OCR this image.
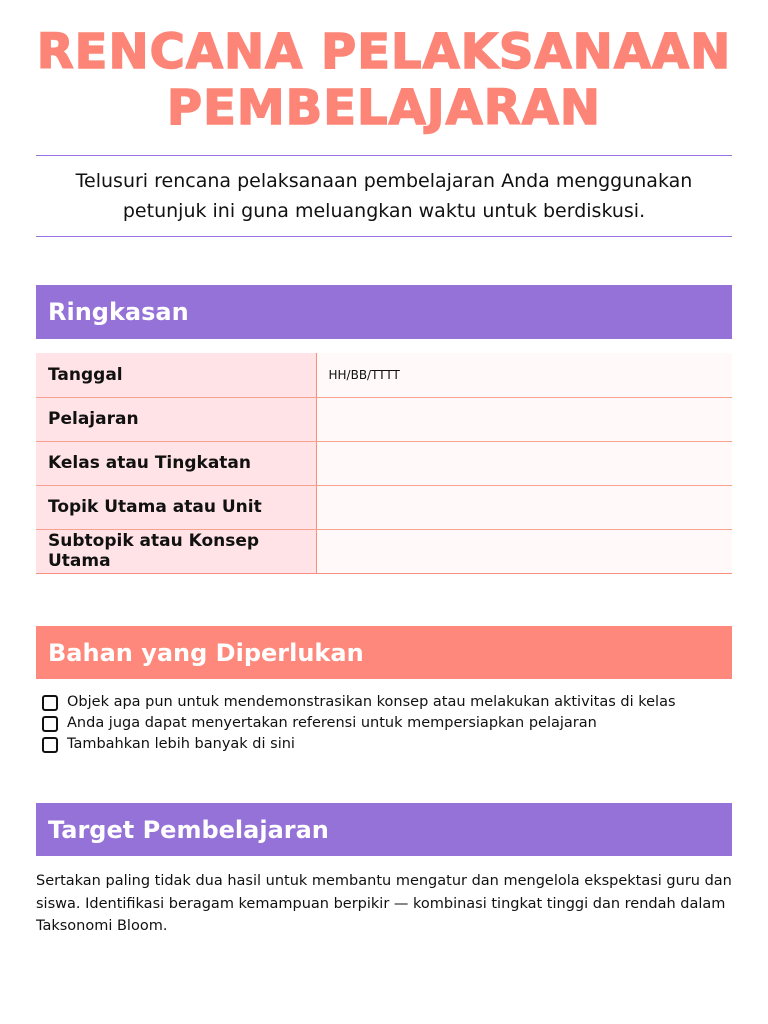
RENCANA PELAKSANAAN
PEMBELAJARAN
Telusuri rencana pelaksanaan pembelajaran Anda menggunakan petunjuk ini guna meluangkan waktu untuk berdiskusi.
Ringkasan
Tanggal	HH/BB/TTTT
Pelajaran	
Kelas atau Tingkatan	
Topik Utama atau Unit	
Subtopik atau Konsep Utama	
Bahan yang Diperlukan
Objek apa pun untuk mendemonstrasikan konsep atau melakukan aktivitas di kelas
Anda juga dapat menyertakan referensi untuk mempersiapkan pelajaran
Tambahkan lebih banyak di sini
Target Pembelajaran
Sertakan paling tidak dua hasil untuk membantu mengatur dan mengelola ekspektasi guru dan siswa. Identifikasi beragam kemampuan berpikir — kombinasi tingkat tinggi dan rendah dalam Taksonomi Bloom.
